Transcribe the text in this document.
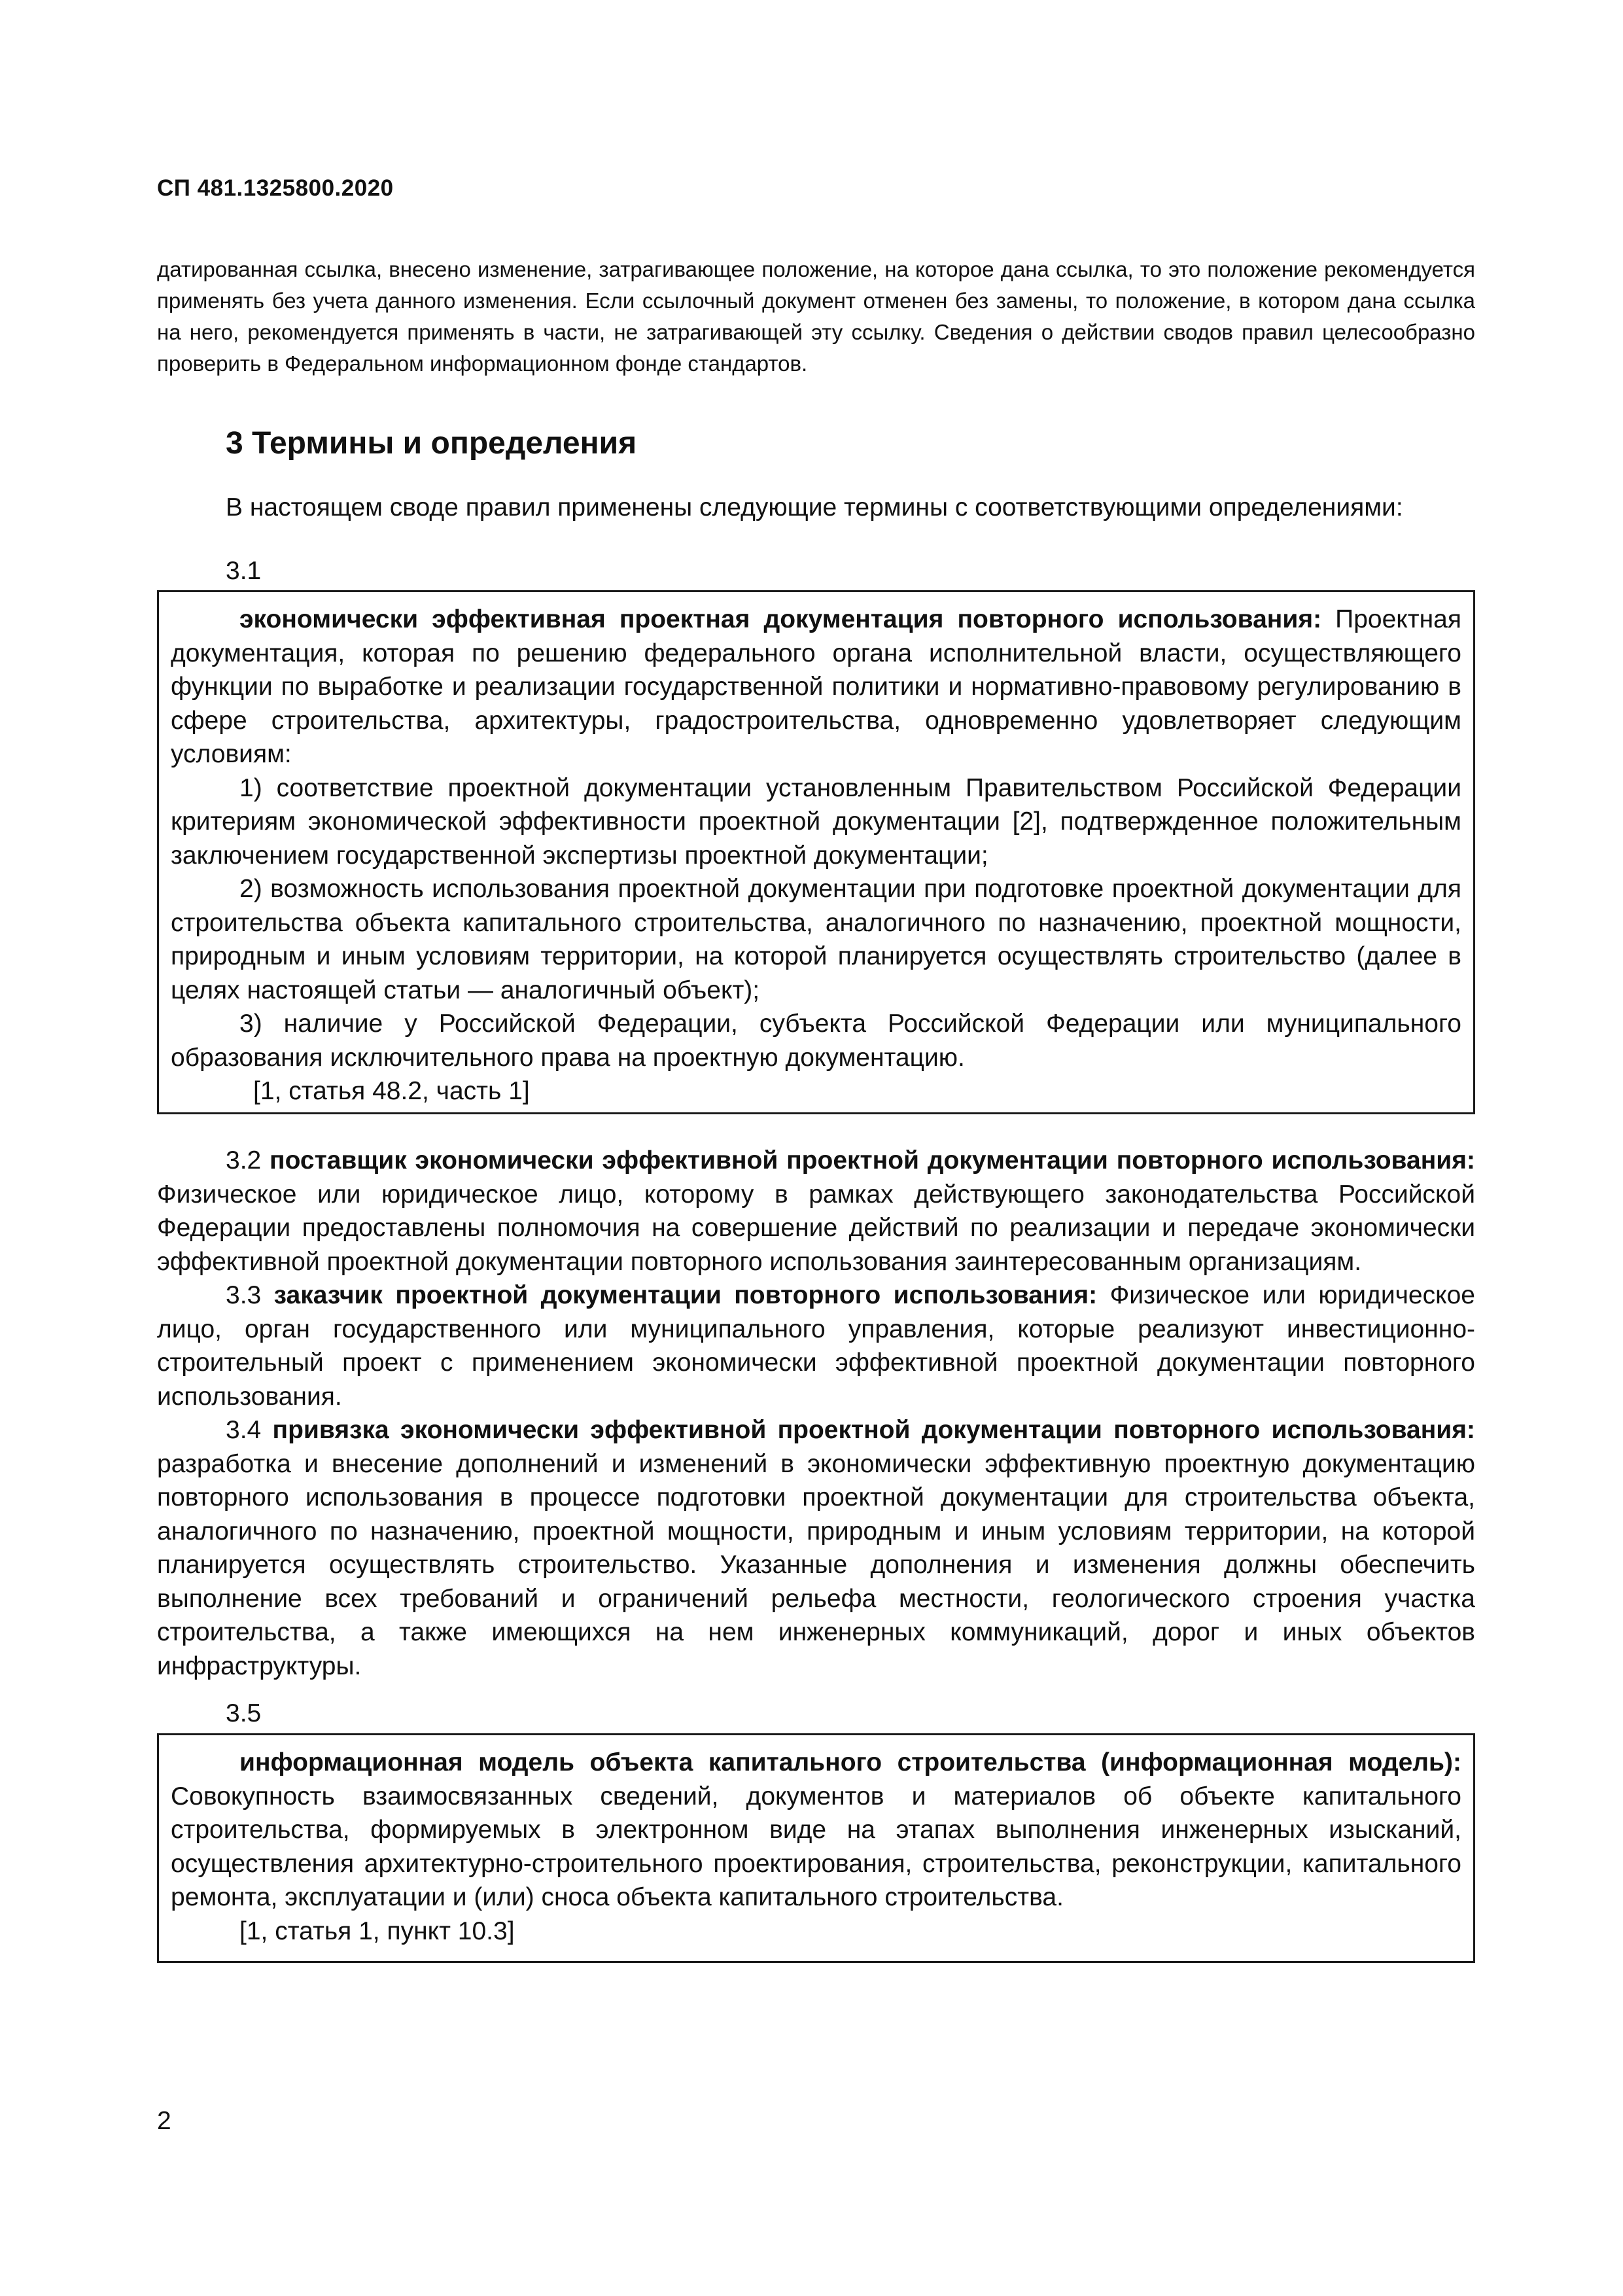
СП 481.1325800.2020
датированная ссылка, внесено изменение, затрагивающее положение, на которое дана ссылка, то это положение рекомендуется применять без учета данного изменения. Если ссылочный документ отменен без замены, то положение, в котором дана ссылка на него, рекомендуется применять в части, не затрагивающей эту ссылку. Сведения о действии сводов правил целесообразно проверить в Федеральном информационном фонде стандартов.
3 Термины и определения
В настоящем своде правил применены следующие термины с соответствующими определениями:
3.1

экономически эффективная проектная документация повторного использования: Проектная документация, которая по решению федерального органа исполнительной власти, осуществляющего функции по выработке и реализации государственной политики и нормативно-правовому регулированию в сфере строительства, архитектуры, градостроительства, одновременно удовлетворяет следующим условиям:

1) соответствие проектной документации установленным Правительством Российской Федерации критериям экономической эффективности проектной документации [2], подтвержденное положительным заключением государственной экспертизы проектной документации;

2) возможность использования проектной документации при подготовке проектной документации для строительства объекта капитального строительства, аналогичного по назначению, проектной мощности, природным и иным условиям территории, на которой планируется осуществлять строительство (далее в целях настоящей статьи — аналогичный объект);

3) наличие у Российской Федерации, субъекта Российской Федерации или муниципального образования исключительного права на проектную документацию.

[1, статья 48.2, часть 1]

3.2 поставщик экономически эффективной проектной документации повторного использования: Физическое или юридическое лицо, которому в рамках действующего законодательства Российской Федерации предоставлены полномочия на совершение действий по реализации и передаче экономически эффективной проектной документации повторного использования заинтересованным организациям.

3.3 заказчик проектной документации повторного использования: Физическое или юридическое лицо, орган государственного или муниципального управления, которые реализуют инвестиционно-строительный проект с применением экономически эффективной проектной документации повторного использования.

3.4 привязка экономически эффективной проектной документации повторного использования: разработка и внесение дополнений и изменений в экономически эффективную проектную документацию повторного использования в процессе подготовки проектной документации для строительства объекта, аналогичного по назначению, проектной мощности, природным и иным условиям территории, на которой планируется осуществлять строительство. Указанные дополнения и изменения должны обеспечить выполнение всех требований и ограничений рельефа местности, геологического строения участка строительства, а также имеющихся на нем инженерных коммуникаций, дорог и иных объектов инфраструктуры.

3.5

информационная модель объекта капитального строительства (информационная модель): Совокупность взаимосвязанных сведений, документов и материалов об объекте капитального строительства, формируемых в электронном виде на этапах выполнения инженерных изысканий, осуществления архитектурно-строительного проектирования, строительства, реконструкции, капитального ремонта, эксплуатации и (или) сноса объекта капитального строительства.

[1, статья 1, пункт 10.3]

2
